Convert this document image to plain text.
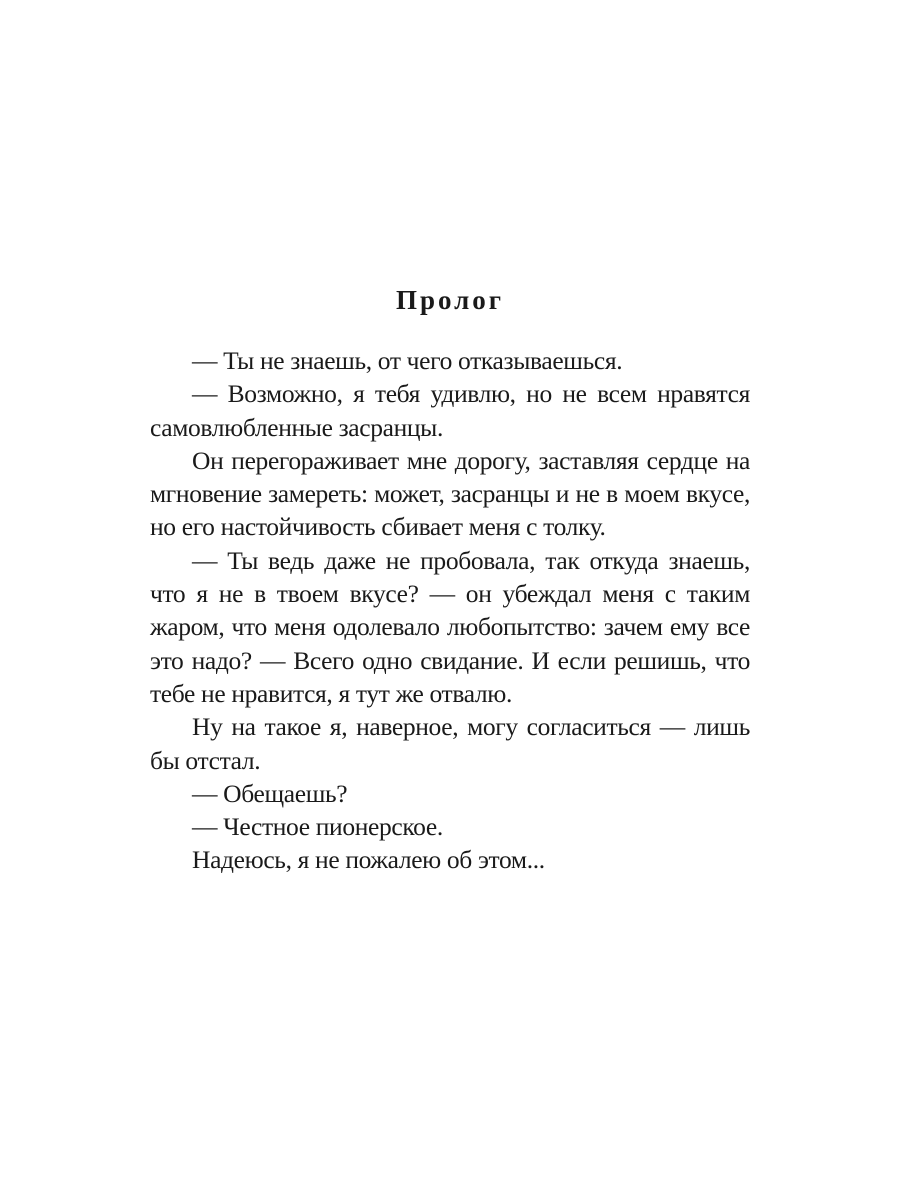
Пролог

— Ты не знаешь, от чего отказываешься.

— Возможно, я тебя удивлю, но не всем нравятся самовлюбленные засранцы.

Он перегораживает мне дорогу, заставляя сердце на мгновение замереть: может, засранцы и не в моем вкусе, но его настойчивость сбивает меня с толку.

— Ты ведь даже не пробовала, так откуда знаешь, что я не в твоем вкусе? — он убеждал меня с таким жаром, что меня одолевало любопытство: зачем ему все это надо? — Всего одно свидание. И если решишь, что тебе не нравится, я тут же отвалю.

Ну на такое я, наверное, могу согласиться — лишь бы отстал.

— Обещаешь?

— Честное пионерское.

Надеюсь, я не пожалею об этом...
